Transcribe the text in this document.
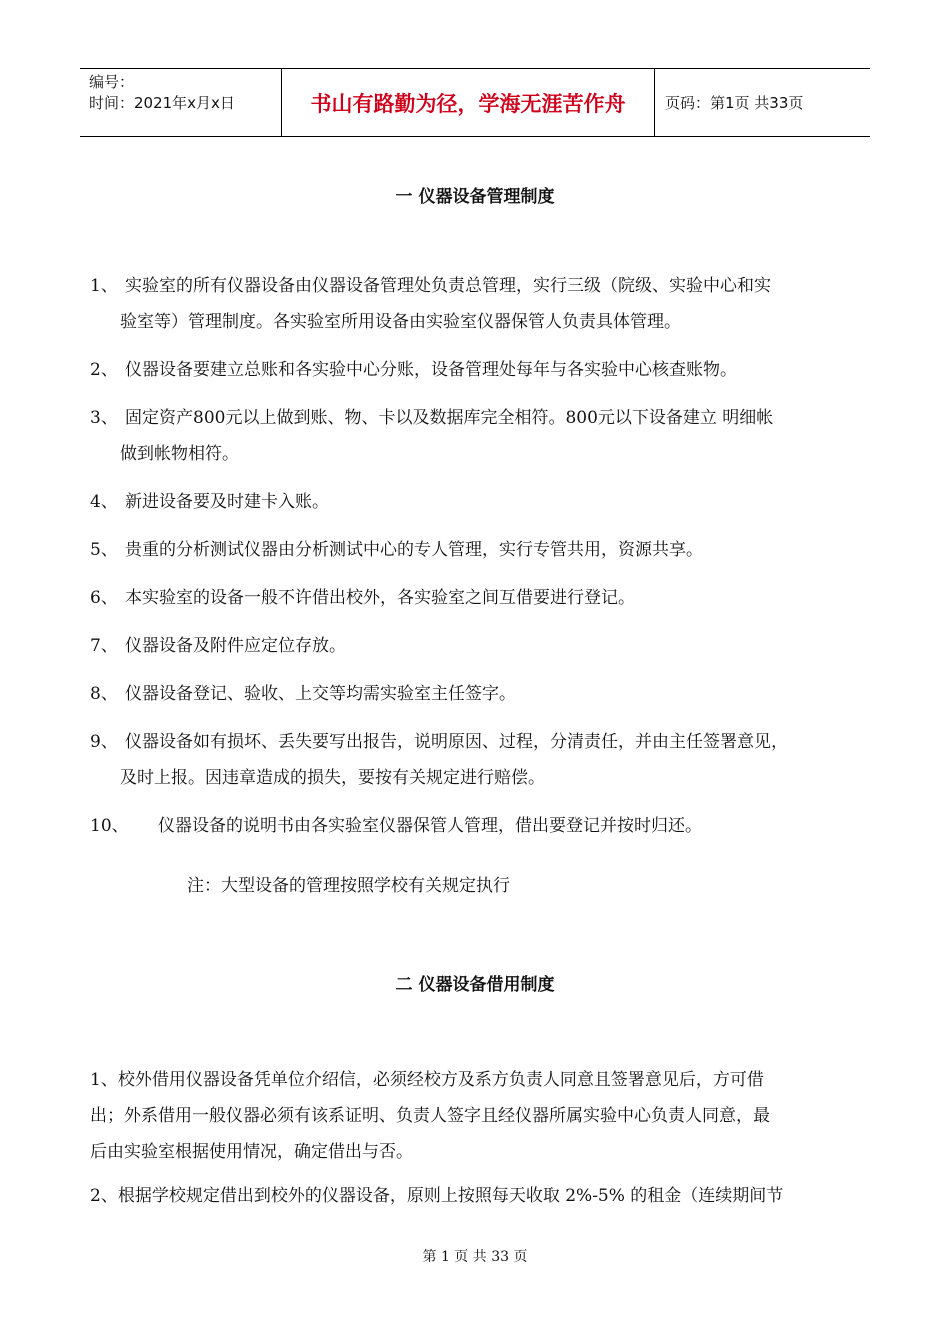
编号：
时间：2021年x月x日	书山有路勤为径，学海无涯苦作舟	页码：第1页 共33页
一 仪器设备管理制度
1、 实验室的所有仪器设备由仪器设备管理处负责总管理，实行三级（院级、实验中心和实
验室等）管理制度。各实验室所用设备由实验室仪器保管人负责具体管理。
2、 仪器设备要建立总账和各实验中心分账，设备管理处每年与各实验中心核查账物。
3、 固定资产800元以上做到账、物、卡以及数据库完全相符。800元以下设备建立 明细帐
做到帐物相符。
4、 新进设备要及时建卡入账。
5、 贵重的分析测试仪器由分析测试中心的专人管理，实行专管共用，资源共享。
6、 本实验室的设备一般不许借出校外，各实验室之间互借要进行登记。
7、 仪器设备及附件应定位存放。
8、 仪器设备登记、验收、上交等均需实验室主任签字。
9、 仪器设备如有损坏、丢失要写出报告，说明原因、过程，分清责任，并由主任签署意见，
及时上报。因违章造成的损失，要按有关规定进行赔偿。
10、 仪器设备的说明书由各实验室仪器保管人管理，借出要登记并按时归还。
注：大型设备的管理按照学校有关规定执行
二 仪器设备借用制度
1、校外借用仪器设备凭单位介绍信，必须经校方及系方负责人同意且签署意见后，方可借
出；外系借用一般仪器必须有该系证明、负责人签字且经仪器所属实验中心负责人同意，最
后由实验室根据使用情况，确定借出与否。
2、根据学校规定借出到校外的仪器设备，原则上按照每天收取 2%-5% 的租金（连续期间节
第 1 页 共 33 页
